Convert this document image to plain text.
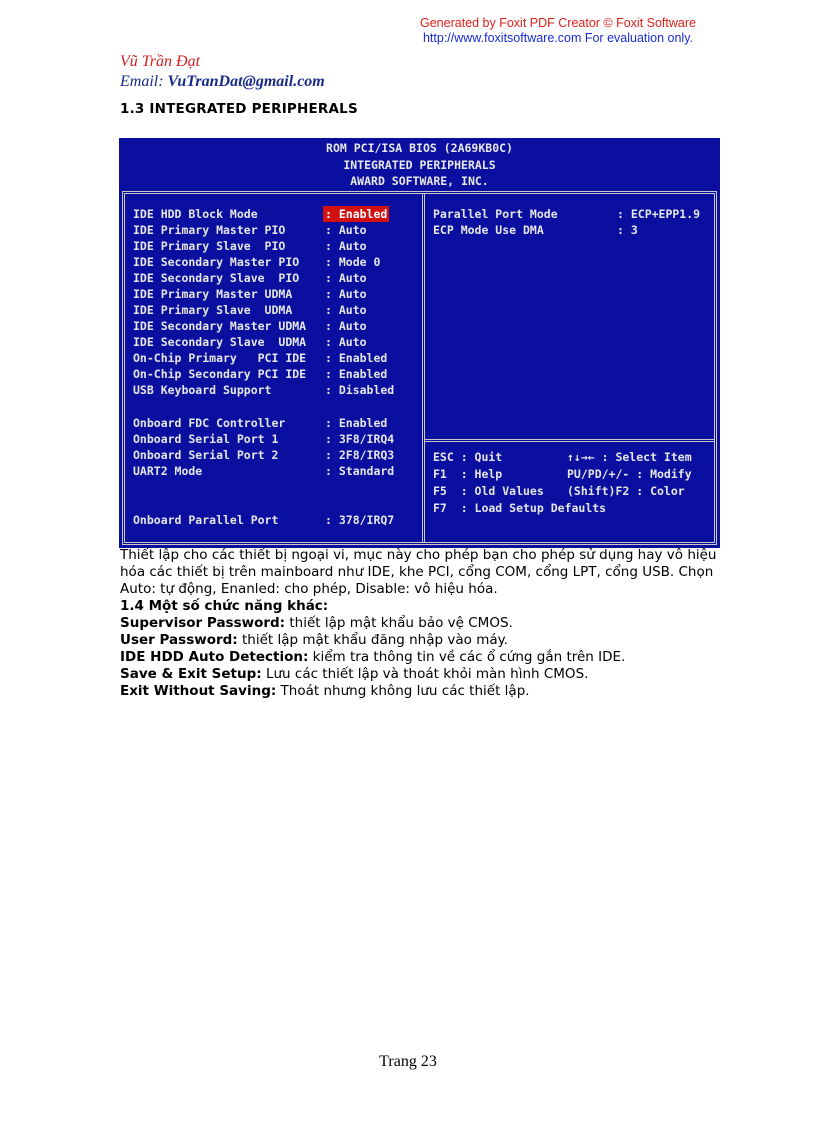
Generated by Foxit PDF Creator © Foxit Software
http://www.foxitsoftware.com For evaluation only.
Vũ Trần Đạt
Email: VuTranDat@gmail.com
1.3 INTEGRATED PERIPHERALS
ROM PCI/ISA BIOS (2A69KB0C)
INTEGRATED PERIPHERALS
AWARD SOFTWARE, INC.
IDE HDD Block Mode	: Enabled
IDE Primary Master PIO	: Auto
IDE Primary Slave  PIO	: Auto
IDE Secondary Master PIO : Mode 0
IDE Secondary Slave  PIO : Auto
IDE Primary Master UDMA	: Auto
IDE Primary Slave  UDMA	: Auto
IDE Secondary Master UDMA : Auto
IDE Secondary Slave  UDMA : Auto
On-Chip Primary   PCI IDE : Enabled
On-Chip Secondary PCI IDE : Enabled
USB Keyboard Support	: Disabled
Onboard FDC Controller	: Enabled
Onboard Serial Port 1	: 3F8/IRQ4
Onboard Serial Port 2	: 2F8/IRQ3
UART2 Mode	: Standard
Onboard Parallel Port	: 378/IRQ7
Parallel Port Mode	: ECP+EPP1.9
ECP Mode Use DMA	: 3
ESC : Quit	↑↓→← : Select Item
F1  : Help	PU/PD/+/- : Modify
F5  : Old Values (Shift)F2 : Color
F7  : Load Setup Defaults
Thiết lập cho các thiết bị ngoại vi, mục này cho phép bạn cho phép sử dụng hay vô hiệu hóa các thiết bị trên mainboard như IDE, khe PCI, cổng COM, cổng LPT, cổng USB. Chọn Auto: tự động, Enanled: cho phép, Disable: vô hiệu hóa.
1.4 Một số chức năng khác:
Supervisor Password: thiết lập mật khẩu bảo vệ CMOS.
User Password: thiết lập mật khẩu đăng nhập vào máy.
IDE HDD Auto Detection: kiểm tra thông tin về các ổ cứng gắn trên IDE.
Save & Exit Setup: Lưu các thiết lập và thoát khỏi màn hình CMOS.
Exit Without Saving: Thoát nhưng không lưu các thiết lập.
Trang 23
